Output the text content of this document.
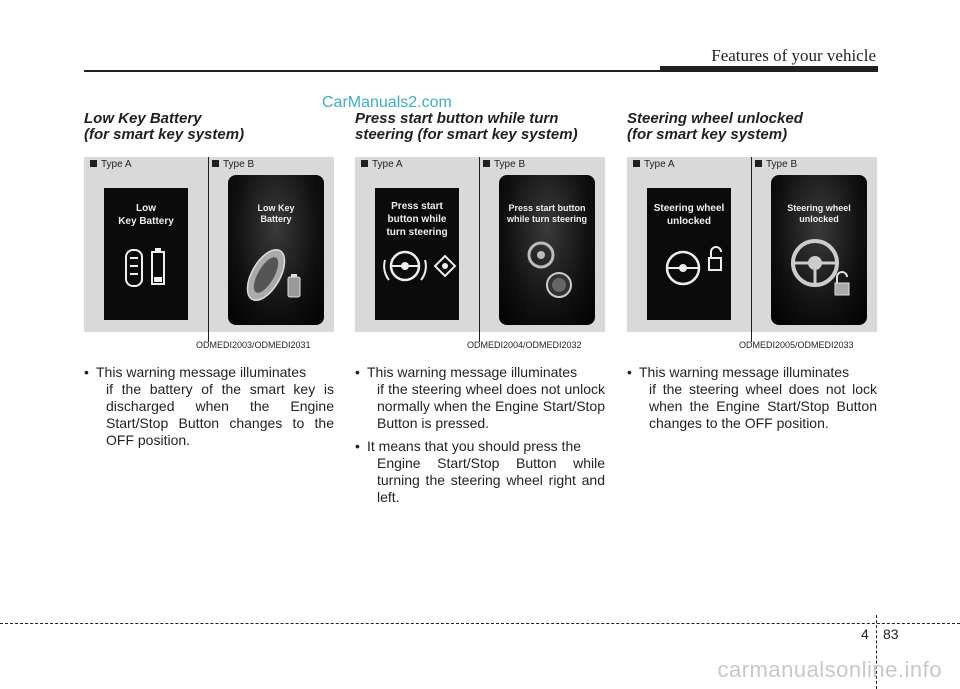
Features of your vehicle
CarManuals2.com
Low Key Battery
(for smart key system)
Type A
Low
Key Battery
Type B
Low Key
Battery
ODMEDI2003/ODMEDI2031

• This warning message illuminates
if the battery of the smart key is discharged when the Engine Start/Stop Button changes to the OFF position.

Press start button while turn
steering (for smart key system)
Type A
Press start
button while
turn steering
Type B
Press start button
while turn steering
ODMEDI2004/ODMEDI2032

• This warning message illuminates
if the steering wheel does not unlock normally when the Engine Start/Stop Button is pressed.

• It means that you should press the
Engine Start/Stop Button while turning the steering wheel right and left.

Steering wheel unlocked
(for smart key system)
Type A
Steering wheel
unlocked
Type B
Steering wheel
unlocked
ODMEDI2005/ODMEDI2033

• This warning message illuminates
if the steering wheel does not lock when the Engine Start/Stop Button changes to the OFF position.

4 83
carmanualsonline.info
